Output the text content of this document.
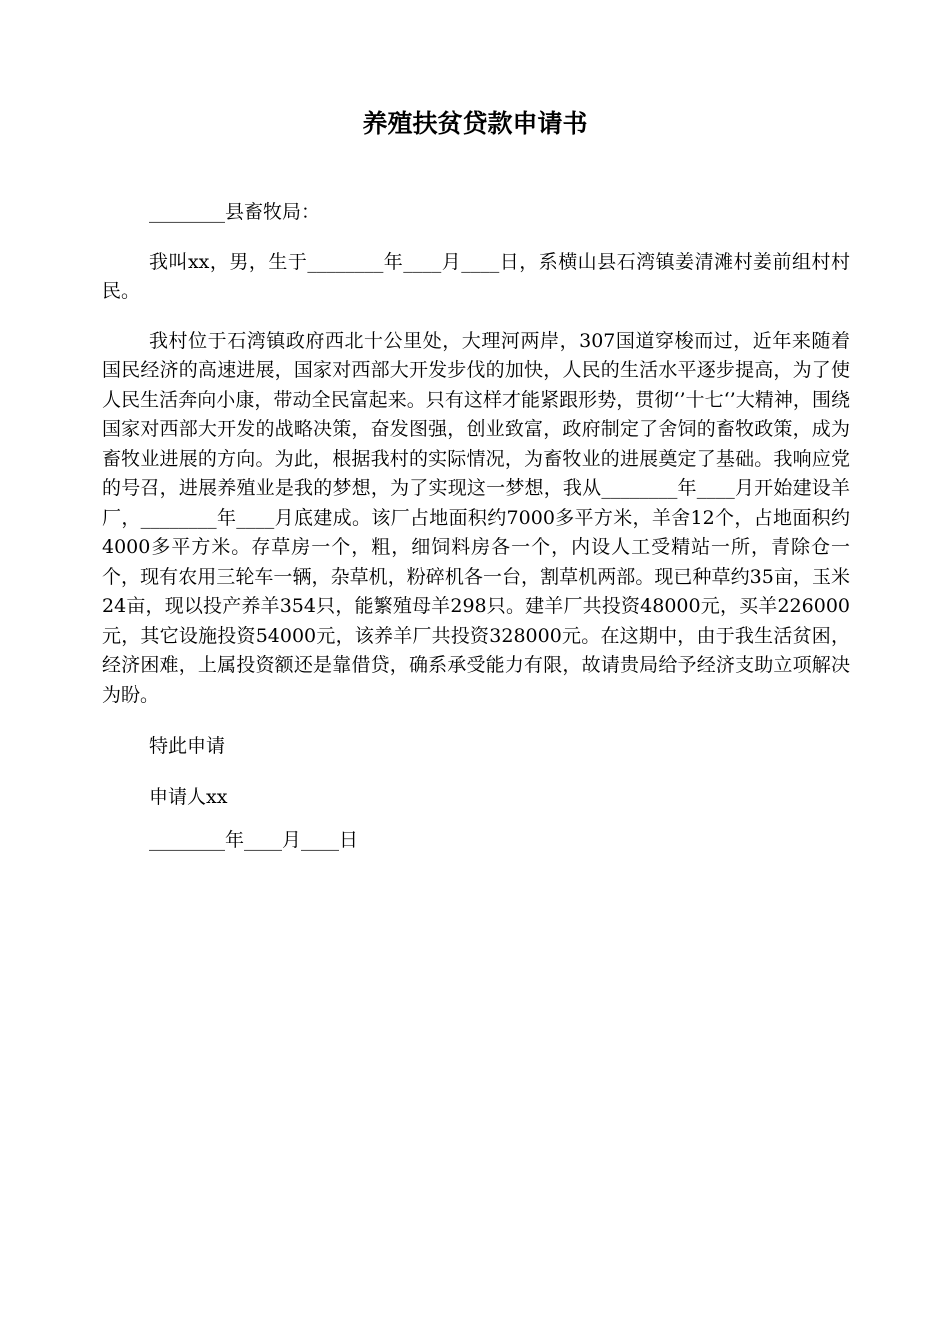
养殖扶贫贷款申请书

________县畜牧局：

我叫xx，男，生于________年____月____日，系横山县石湾镇姜清滩村姜前组村村民。

我村位于石湾镇政府西北十公里处，大理河两岸，307国道穿梭而过，近年来随着国民经济的高速进展，国家对西部大开发步伐的加快，人民的生活水平逐步提高，为了使人民生活奔向小康，带动全民富起来。只有这样才能紧跟形势，贯彻‘’十七‘’大精神，围绕国家对西部大开发的战略决策，奋发图强，创业致富，政府制定了舍饲的畜牧政策，成为畜牧业进展的方向。为此，根据我村的实际情况，为畜牧业的进展奠定了基础。我响应党的号召，进展养殖业是我的梦想，为了实现这一梦想，我从________年____月开始建设羊厂，________年____月底建成。该厂占地面积约7000多平方米，羊舍12个，占地面积约4000多平方米。存草房一个，粗，细饲料房各一个，内设人工受精站一所，青除仓一个，现有农用三轮车一辆，杂草机，粉碎机各一台，割草机两部。现已种草约35亩，玉米24亩，现以投产养羊354只，能繁殖母羊298只。建羊厂共投资48000元，买羊226000元，其它设施投资54000元，该养羊厂共投资328000元。在这期中，由于我生活贫困，经济困难，上属投资额还是靠借贷，确系承受能力有限，故请贵局给予经济支助立项解决为盼。

特此申请

申请人xx

________年____月____日
